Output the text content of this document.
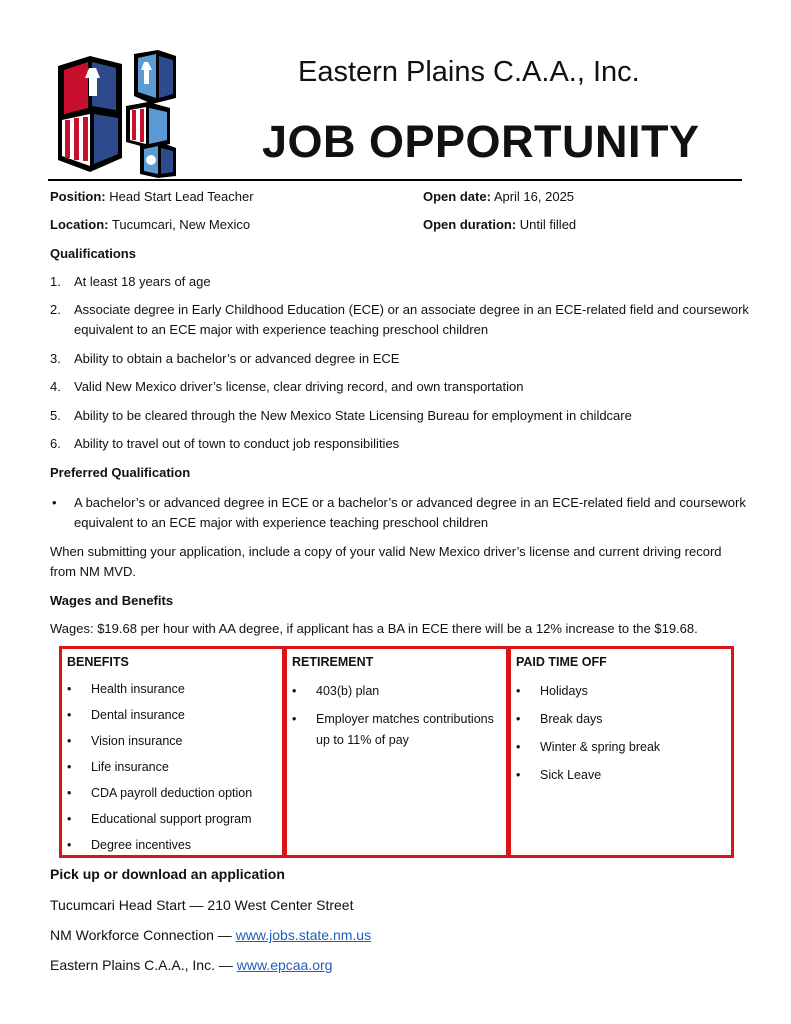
Eastern Plains C.A.A., Inc.
JOB OPPORTUNITY
Position: Head Start Lead Teacher	Open date: April 16, 2025
Location: Tucumcari, New Mexico	Open duration: Until filled
Qualifications
1. At least 18 years of age
2. Associate degree in Early Childhood Education (ECE) or an associate degree in an ECE-related field and coursework
equivalent to an ECE major with experience teaching preschool children
3. Ability to obtain a bachelor’s or advanced degree in ECE
4. Valid New Mexico driver’s license, clear driving record, and own transportation
5. Ability to be cleared through the New Mexico State Licensing Bureau for employment in childcare
6. Ability to travel out of town to conduct job responsibilities
Preferred Qualification
• A bachelor’s or advanced degree in ECE or a bachelor’s or advanced degree in an ECE-related field and coursework
equivalent to an ECE major with experience teaching preschool children
When submitting your application, include a copy of your valid New Mexico driver’s license and current driving record
from NM MVD.
Wages and Benefits
Wages: $19.68 per hour with AA degree, if applicant has a BA in ECE there will be a 12% increase to the $19.68.
BENEFITS
• Health insurance
• Dental insurance
• Vision insurance
• Life insurance
• CDA payroll deduction option
• Educational support program
• Degree incentives
RETIREMENT
• 403(b) plan
• Employer matches contributions
up to 11% of pay
PAID TIME OFF
• Holidays
• Break days
• Winter & spring break
• Sick Leave
Pick up or download an application
Tucumcari Head Start — 210 West Center Street
NM Workforce Connection — www.jobs.state.nm.us
Eastern Plains C.A.A., Inc. — www.epcaa.org
